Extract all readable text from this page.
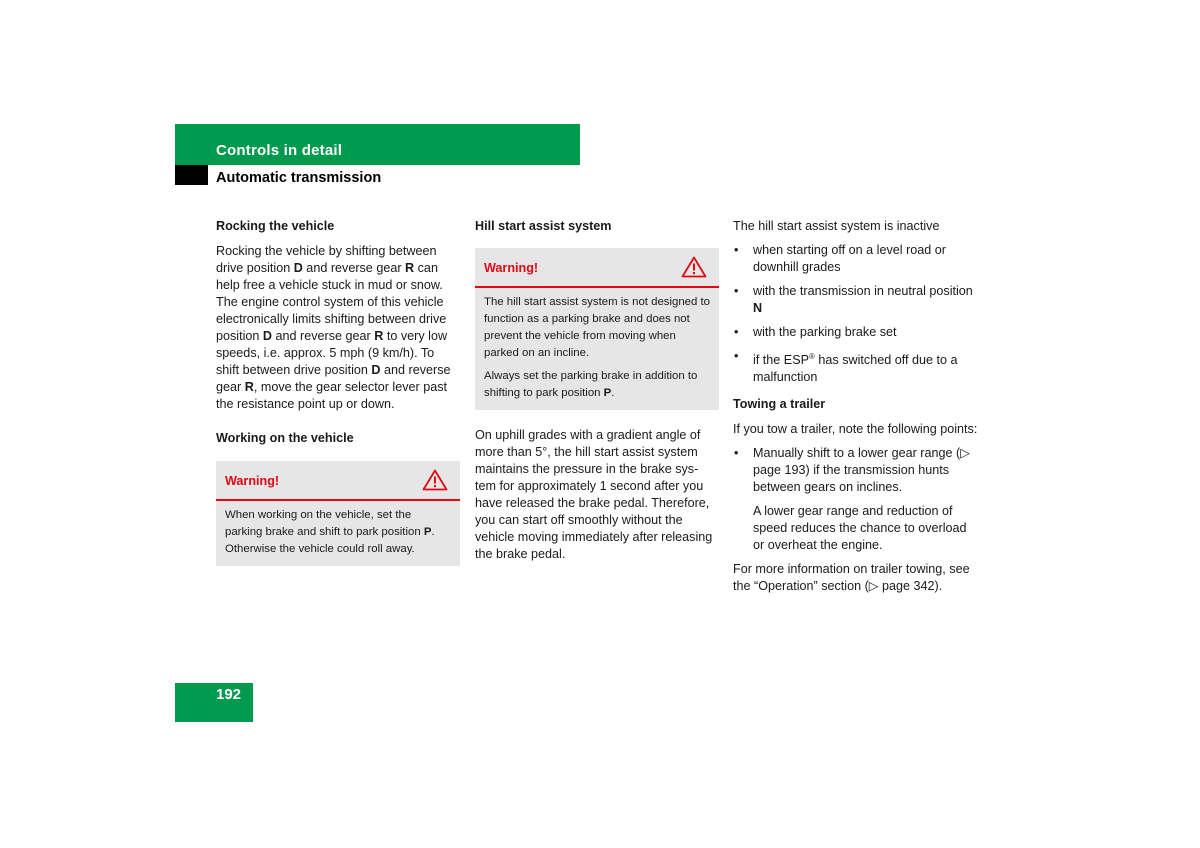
Controls in detail
Automatic transmission
Rocking the vehicle

Rocking the vehicle by shifting between drive position D and reverse gear R can help free a vehicle stuck in mud or snow. The engine control system of this vehicle electronically limits shifting between drive position D and reverse gear R to very low speeds, i.e. approx. 5 mph (9 km/h). To shift between drive position D and reverse gear R, move the gear selector lever past the resistance point up or down.

Working on the vehicle
Warning!

When working on the vehicle, set the parking brake and shift to park position P. Otherwise the vehicle could roll away.

Hill start assist system
Warning!

The hill start assist system is not designed to function as a parking brake and does not prevent the vehicle from moving when parked on an incline.

Always set the parking brake in addition to shifting to park position P.

On uphill grades with a gradient angle of more than 5°, the hill start assist system maintains the pressure in the brake sys-tem for approximately 1 second after you have released the brake pedal. Therefore, you can start off smoothly without the vehicle moving immediately after releasing the brake pedal.

The hill start assist system is inactive

• when starting off on a level road or downhill grades
• with the transmission in neutral position N
• with the parking brake set
• if the ESP® has switched off due to a malfunction
Towing a trailer

If you tow a trailer, note the following points:

• Manually shift to a lower gear range (▷ page 193) if the transmission hunts between gears on inclines.

A lower gear range and reduction of speed reduces the chance to overload or overheat the engine.

For more information on trailer towing, see the “Operation” section (▷ page 342).

192
